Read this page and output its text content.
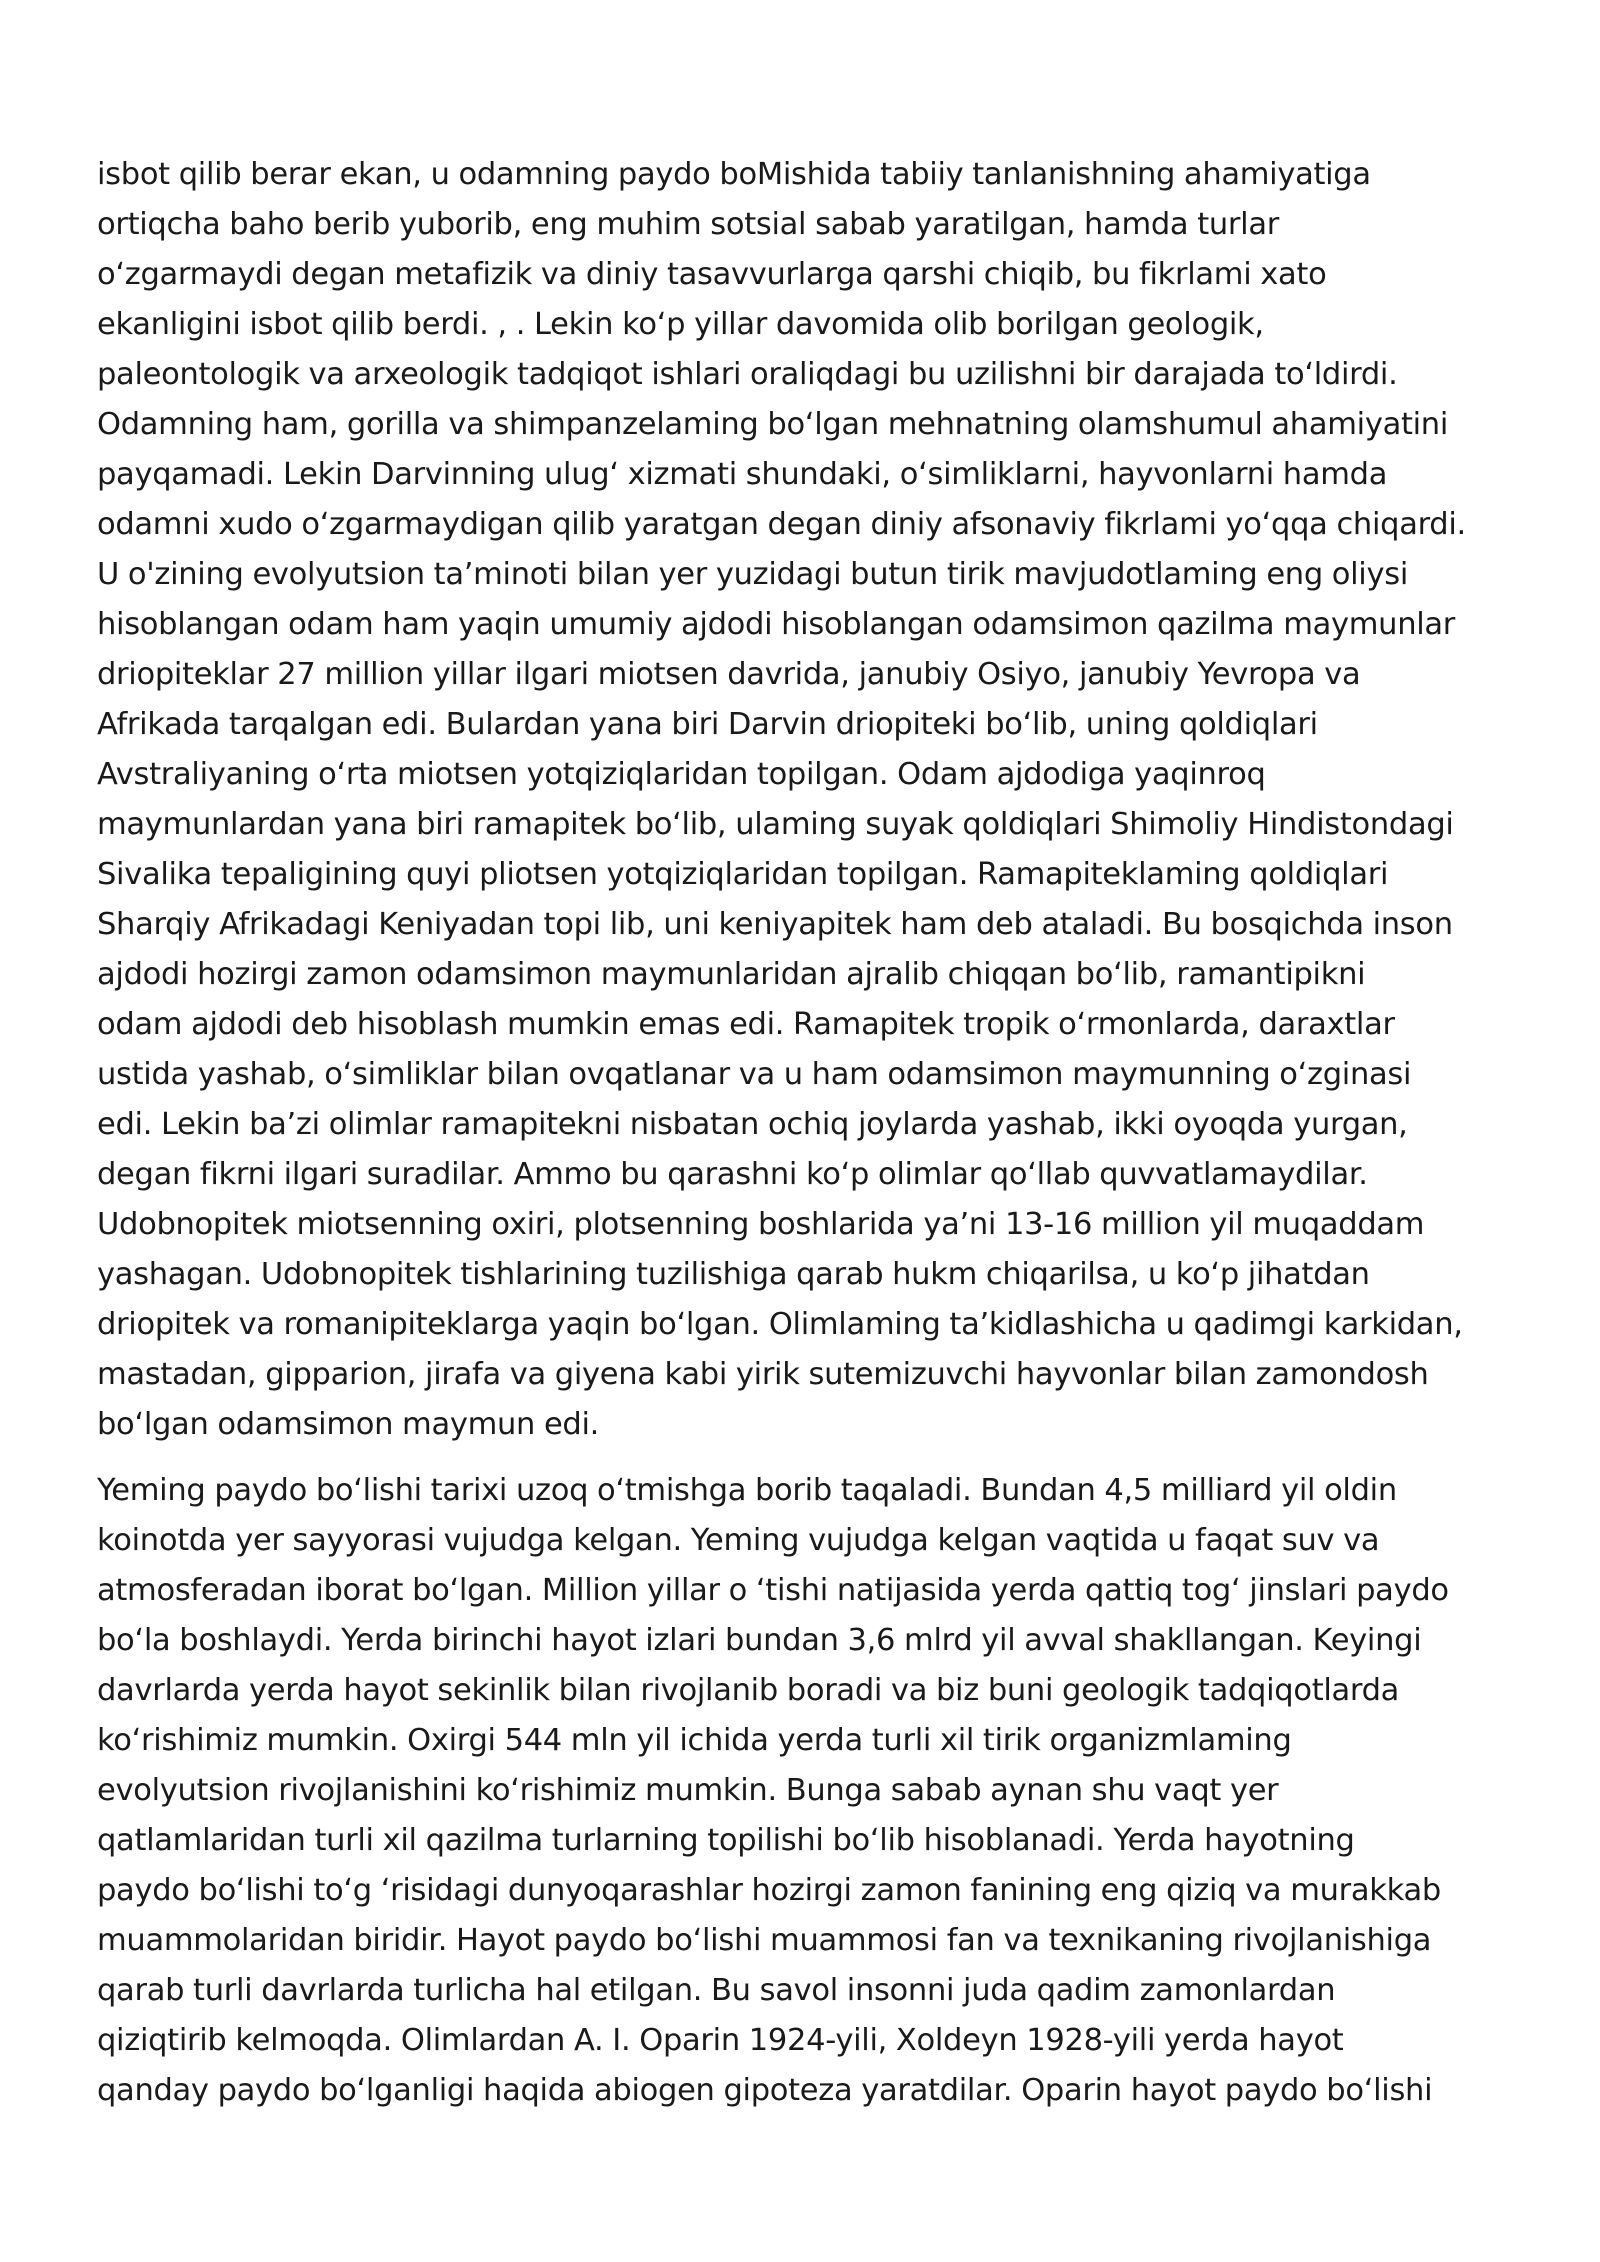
isbot qilib berar ekan, u odamning paydo boMishida tabiiy tanlanishning ahamiyatiga
ortiqcha baho berib yuborib, eng muhim sotsial sabab yaratilgan, hamda turlar
o‘zgarmaydi degan metafizik va diniy tasavvurlarga qarshi chiqib, bu fikrlami xato
ekanligini isbot qilib berdi. , . Lekin ko‘p yillar davomida olib borilgan geologik,
paleontologik va arxeologik tadqiqot ishlari oraliqdagi bu uzilishni bir darajada to‘ldirdi.
Odamning ham, gorilla va shimpanzelaming bo‘lgan mehnatning olamshumul ahamiyatini
payqamadi. Lekin Darvinning ulug‘ xizmati shundaki, o‘simliklarni, hayvonlarni hamda
odamni xudo o‘zgarmaydigan qilib yaratgan degan diniy afsonaviy fikrlami yo‘qqa chiqardi.
U o'zining evolyutsion ta’minoti bilan yer yuzidagi butun tirik mavjudotlaming eng oliysi
hisoblangan odam ham yaqin umumiy ajdodi hisoblangan odamsimon qazilma maymunlar
driopiteklar 27 million yillar ilgari miotsen davrida, janubiy Osiyo, janubiy Yevropa va
Afrikada tarqalgan edi. Bulardan yana biri Darvin driopiteki bo‘lib, uning qoldiqlari
Avstraliyaning o‘rta miotsen yotqiziqlaridan topilgan. Odam ajdodiga yaqinroq
maymunlardan yana biri ramapitek bo‘lib, ulaming suyak qoldiqlari Shimoliy Hindistondagi
Sivalika tepaligining quyi pliotsen yotqiziqlaridan topilgan. Ramapiteklaming qoldiqlari
Sharqiy Afrikadagi Keniyadan topi lib, uni keniyapitek ham deb ataladi. Bu bosqichda inson
ajdodi hozirgi zamon odamsimon maymunlaridan ajralib chiqqan bo‘lib, ramantipikni
odam ajdodi deb hisoblash mumkin emas edi. Ramapitek tropik o‘rmonlarda, daraxtlar
ustida yashab, o‘simliklar bilan ovqatlanar va u ham odamsimon maymunning o‘zginasi
edi. Lekin ba’zi olimlar ramapitekni nisbatan ochiq joylarda yashab, ikki oyoqda yurgan,
degan fikrni ilgari suradilar. Ammo bu qarashni ko‘p olimlar qo‘llab quvvatlamaydilar.
Udobnopitek miotsenning oxiri, plotsenning boshlarida ya’ni 13-16 million yil muqaddam
yashagan. Udobnopitek tishlarining tuzilishiga qarab hukm chiqarilsa, u ko‘p jihatdan
driopitek va romanipiteklarga yaqin bo‘lgan. Olimlaming ta’kidlashicha u qadimgi karkidan,
mastadan, gipparion, jirafa va giyena kabi yirik sutemizuvchi hayvonlar bilan zamondosh
bo‘lgan odamsimon maymun edi.

Yeming paydo bo‘lishi tarixi uzoq o‘tmishga borib taqaladi. Bundan 4,5 milliard yil oldin
koinotda yer sayyorasi vujudga kelgan. Yeming vujudga kelgan vaqtida u faqat suv va
atmosferadan iborat bo‘lgan. Million yillar o ‘tishi natijasida yerda qattiq tog‘ jinslari paydo
bo‘la boshlaydi. Yerda birinchi hayot izlari bundan 3,6 mlrd yil avval shakllangan. Keyingi
davrlarda yerda hayot sekinlik bilan rivojlanib boradi va biz buni geologik tadqiqotlarda
ko‘rishimiz mumkin. Oxirgi 544 mln yil ichida yerda turli xil tirik organizmlaming
evolyutsion rivojlanishini ko‘rishimiz mumkin. Bunga sabab aynan shu vaqt yer
qatlamlaridan turli xil qazilma turlarning topilishi bo‘lib hisoblanadi. Yerda hayotning
paydo bo‘lishi to‘g ‘risidagi dunyoqarashlar hozirgi zamon fanining eng qiziq va murakkab
muammolaridan biridir. Hayot paydo bo‘lishi muammosi fan va texnikaning rivojlanishiga
qarab turli davrlarda turlicha hal etilgan. Bu savol insonni juda qadim zamonlardan
qiziqtirib kelmoqda. Olimlardan A. I. Oparin 1924-yili, Xoldeyn 1928-yili yerda hayot
qanday paydo bo‘lganligi haqida abiogen gipoteza yaratdilar. Oparin hayot paydo bo‘lishi
